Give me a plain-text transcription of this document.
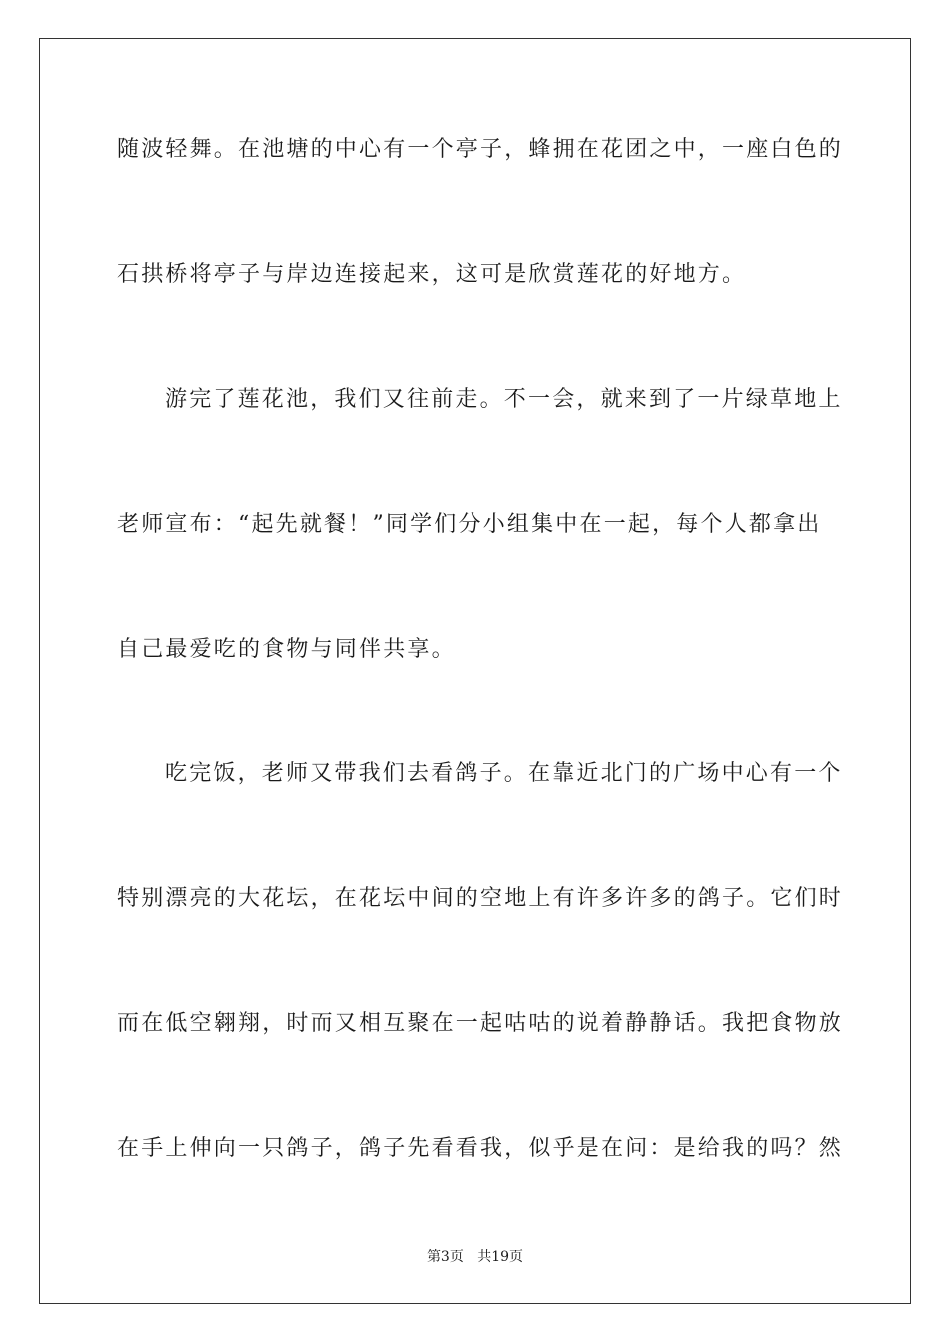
随波轻舞。在池塘的中心有一个亭子，蜂拥在花团之中，一座白色的
石拱桥将亭子与岸边连接起来，这可是欣赏莲花的好地方。
游完了莲花池，我们又往前走。不一会，就来到了一片绿草地上
老师宣布：“起先就餐！”同学们分小组集中在一起，每个人都拿出
自己最爱吃的食物与同伴共享。
吃完饭，老师又带我们去看鸽子。在靠近北门的广场中心有一个
特别漂亮的大花坛，在花坛中间的空地上有许多许多的鸽子。它们时
而在低空翱翔，时而又相互聚在一起咕咕的说着静静话。我把食物放
在手上伸向一只鸽子，鸽子先看看我，似乎是在问：是给我的吗？然
第3页 共19页
